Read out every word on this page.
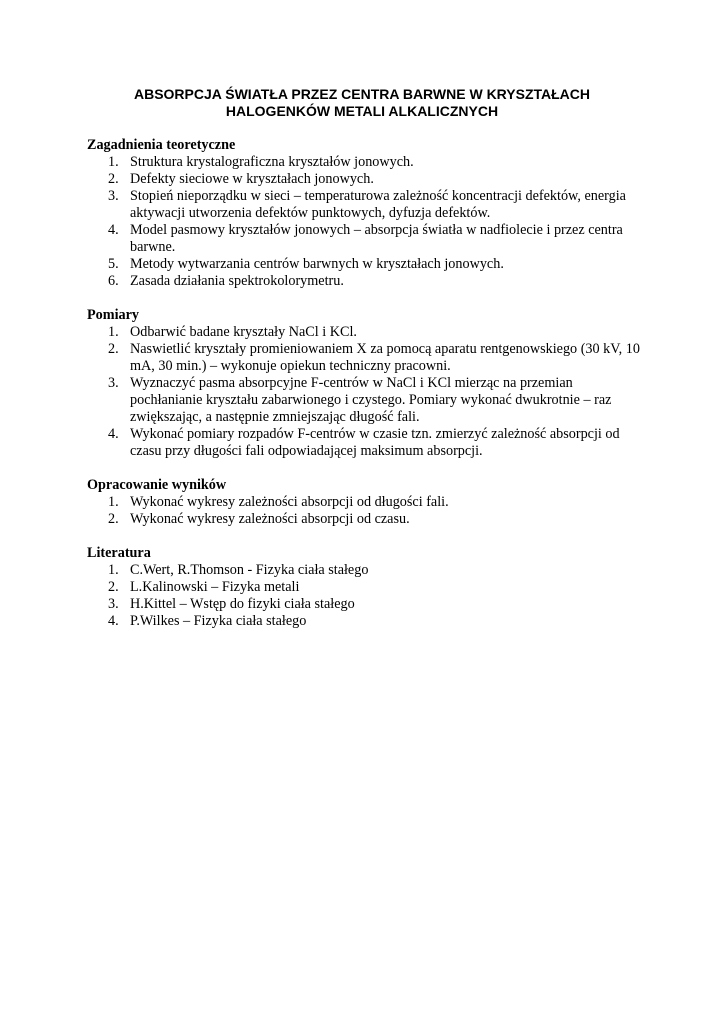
ABSORPCJA ŚWIATŁA PRZEZ CENTRA BARWNE W KRYSZTAŁACH
HALOGENKÓW METALI ALKALICZNYCH
Zagadnienia teoretyczne
1. Struktura krystalograficzna kryształów jonowych.
2. Defekty sieciowe w kryształach jonowych.
3. Stopień nieporządku w sieci – temperaturowa zależność koncentracji defektów, energia aktywacji utworzenia defektów punktowych, dyfuzja defektów.
4. Model pasmowy kryształów jonowych – absorpcja światła w nadfiolecie i przez centra barwne.
5. Metody wytwarzania centrów barwnych w kryształach jonowych.
6. Zasada działania spektrokolorymetru.
Pomiary
1. Odbarwić badane kryształy NaCl i KCl.
2. Naswietlić kryształy promieniowaniem X za pomocą aparatu rentgenowskiego (30 kV, 10 mA, 30 min.) – wykonuje opiekun techniczny pracowni.
3. Wyznaczyć pasma absorpcyjne F-centrów w NaCl i KCl mierząc na przemian pochłanianie kryształu zabarwionego i czystego. Pomiary wykonać dwukrotnie – raz zwiększając, a następnie zmniejszając długość fali.
4. Wykonać pomiary rozpadów F-centrów w czasie tzn. zmierzyć zależność absorpcji od czasu przy długości fali odpowiadającej maksimum absorpcji.
Opracowanie wyników
1. Wykonać wykresy zależności absorpcji od długości fali.
2. Wykonać wykresy zależności absorpcji od czasu.
Literatura
1. C.Wert, R.Thomson - Fizyka ciała stałego
2. L.Kalinowski – Fizyka metali
3. H.Kittel – Wstęp do fizyki ciała stałego
4. P.Wilkes – Fizyka ciała stałego
